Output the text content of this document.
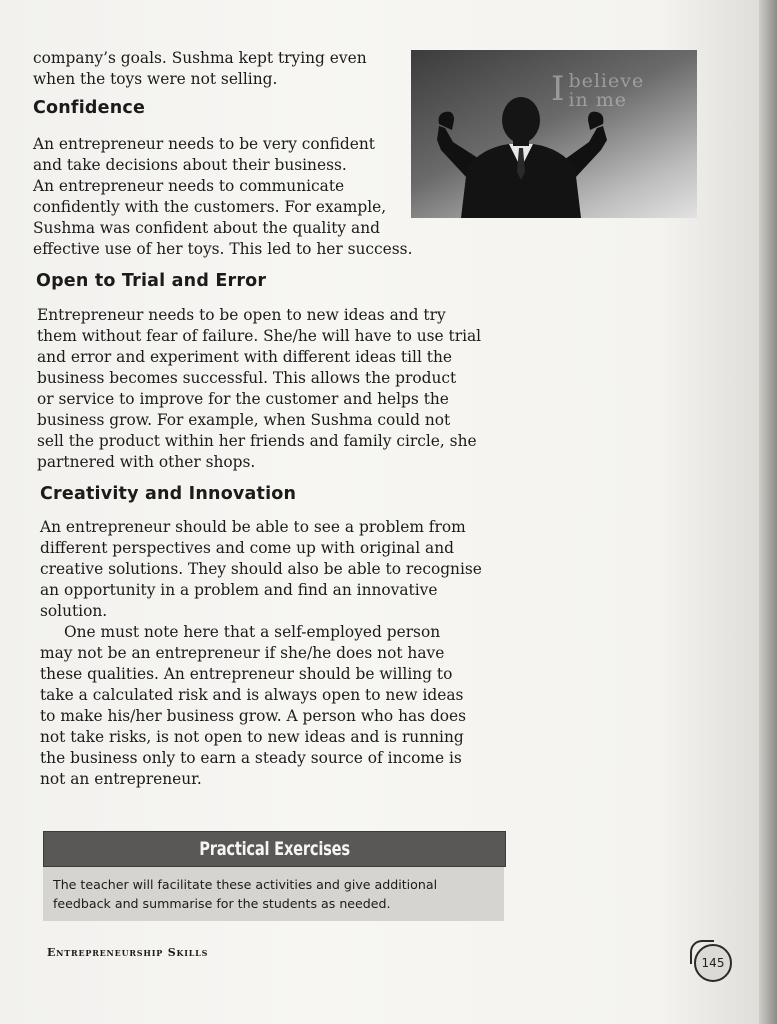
company’s goals. Sushma kept trying even

when the toys were not selling.

Confidence

An entrepreneur needs to be very confident

and take decisions about their business.

An entrepreneur needs to communicate

confidently with the customers. For example,

Sushma was confident about the quality and

effective use of her toys. This led to her success.

I believe
in me
Open to Trial and Error

Entrepreneur needs to be open to new ideas and try

them without fear of failure. She/he will have to use trial

and error and experiment with different ideas till the

business becomes successful. This allows the product

or service to improve for the customer and helps the

business grow. For example, when Sushma could not

sell the product within her friends and family circle, she

partnered with other shops.

Creativity and Innovation

An entrepreneur should be able to see a problem from

different perspectives and come up with original and

creative solutions. They should also be able to recognise

an opportunity in a problem and find an innovative

solution.

One must note here that a self-employed person

may not be an entrepreneur if she/he does not have

these qualities. An entrepreneur should be willing to

take a calculated risk and is always open to new ideas

to make his/her business grow. A person who has does

not take risks, is not open to new ideas and is running

the business only to earn a steady source of income is

not an entrepreneur.

Practical Exercises

The teacher will facilitate these activities and give additional
feedback and summarise for the students as needed.

Entrepreneurship Skills
145
